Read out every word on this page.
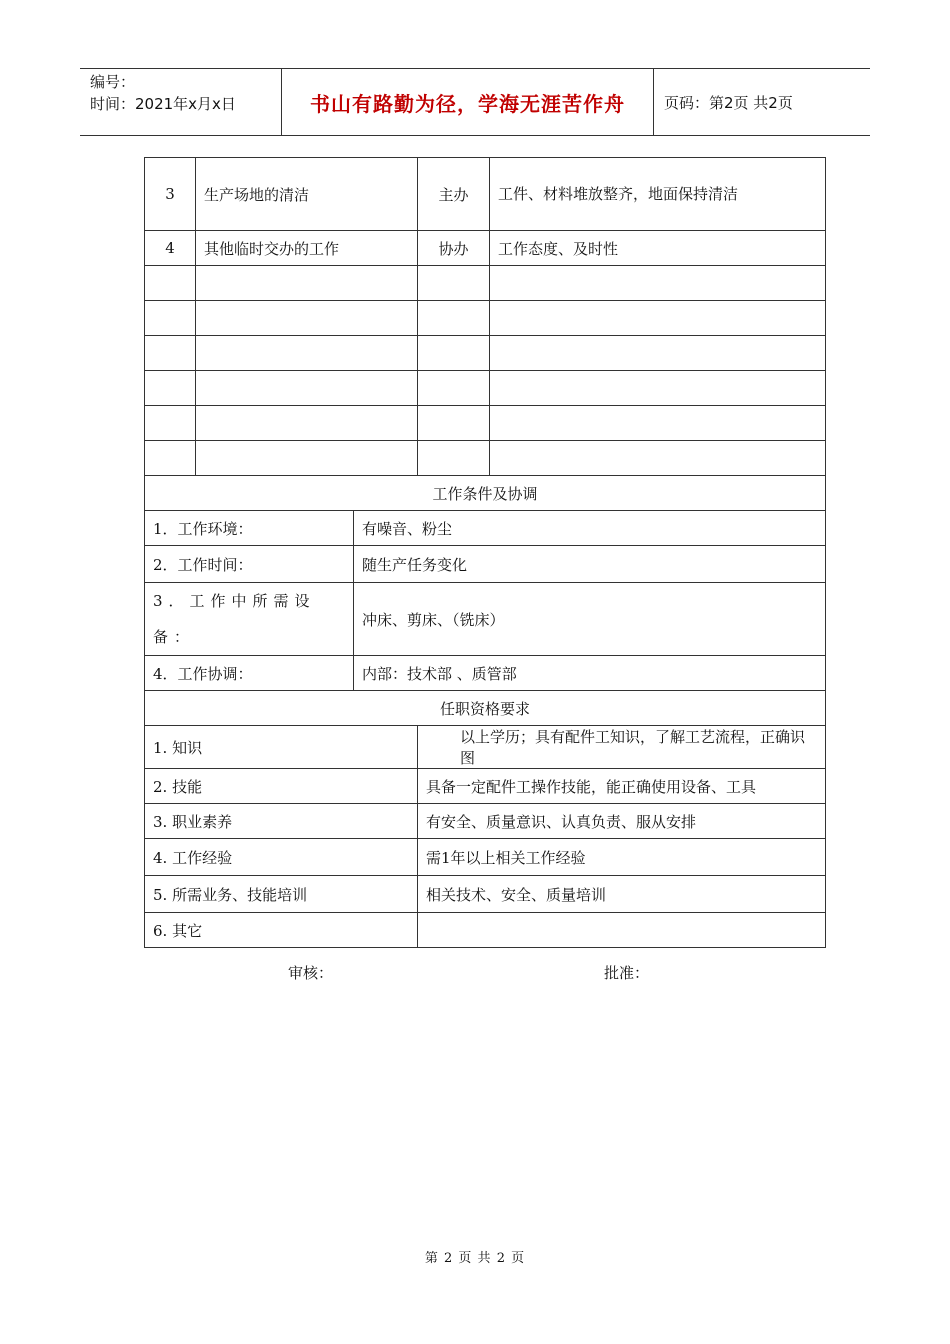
编号：
时间：2021年x月x日	书山有路勤为径，学海无涯苦作舟	页码：第2页 共2页
3	生产场地的清洁		主办	工件、材料堆放整齐，地面保持清洁
4	其他临时交办的工作		协办	工作态度、及时性

工作条件及协调				
1．工作环境：		有噪音、粉尘		
2．工作时间：		随生产任务变化		
3．工作中所需设备：		冲床、剪床、（铣床）		
4．工作协调：		内部：技术部 、质管部		
任职资格要求				
1. 知识			以上学历；具有配件工知识，了解工艺流程，正确识图	
2. 技能			具备一定配件工操作技能，能正确使用设备、工具	
3. 职业素养			有安全、质量意识、认真负责、服从安排	
4. 工作经验			需1年以上相关工作经验	
5. 所需业务、技能培训			相关技术、安全、质量培训	
6. 其它				
审核：	批准：
第 2 页 共 2 页
